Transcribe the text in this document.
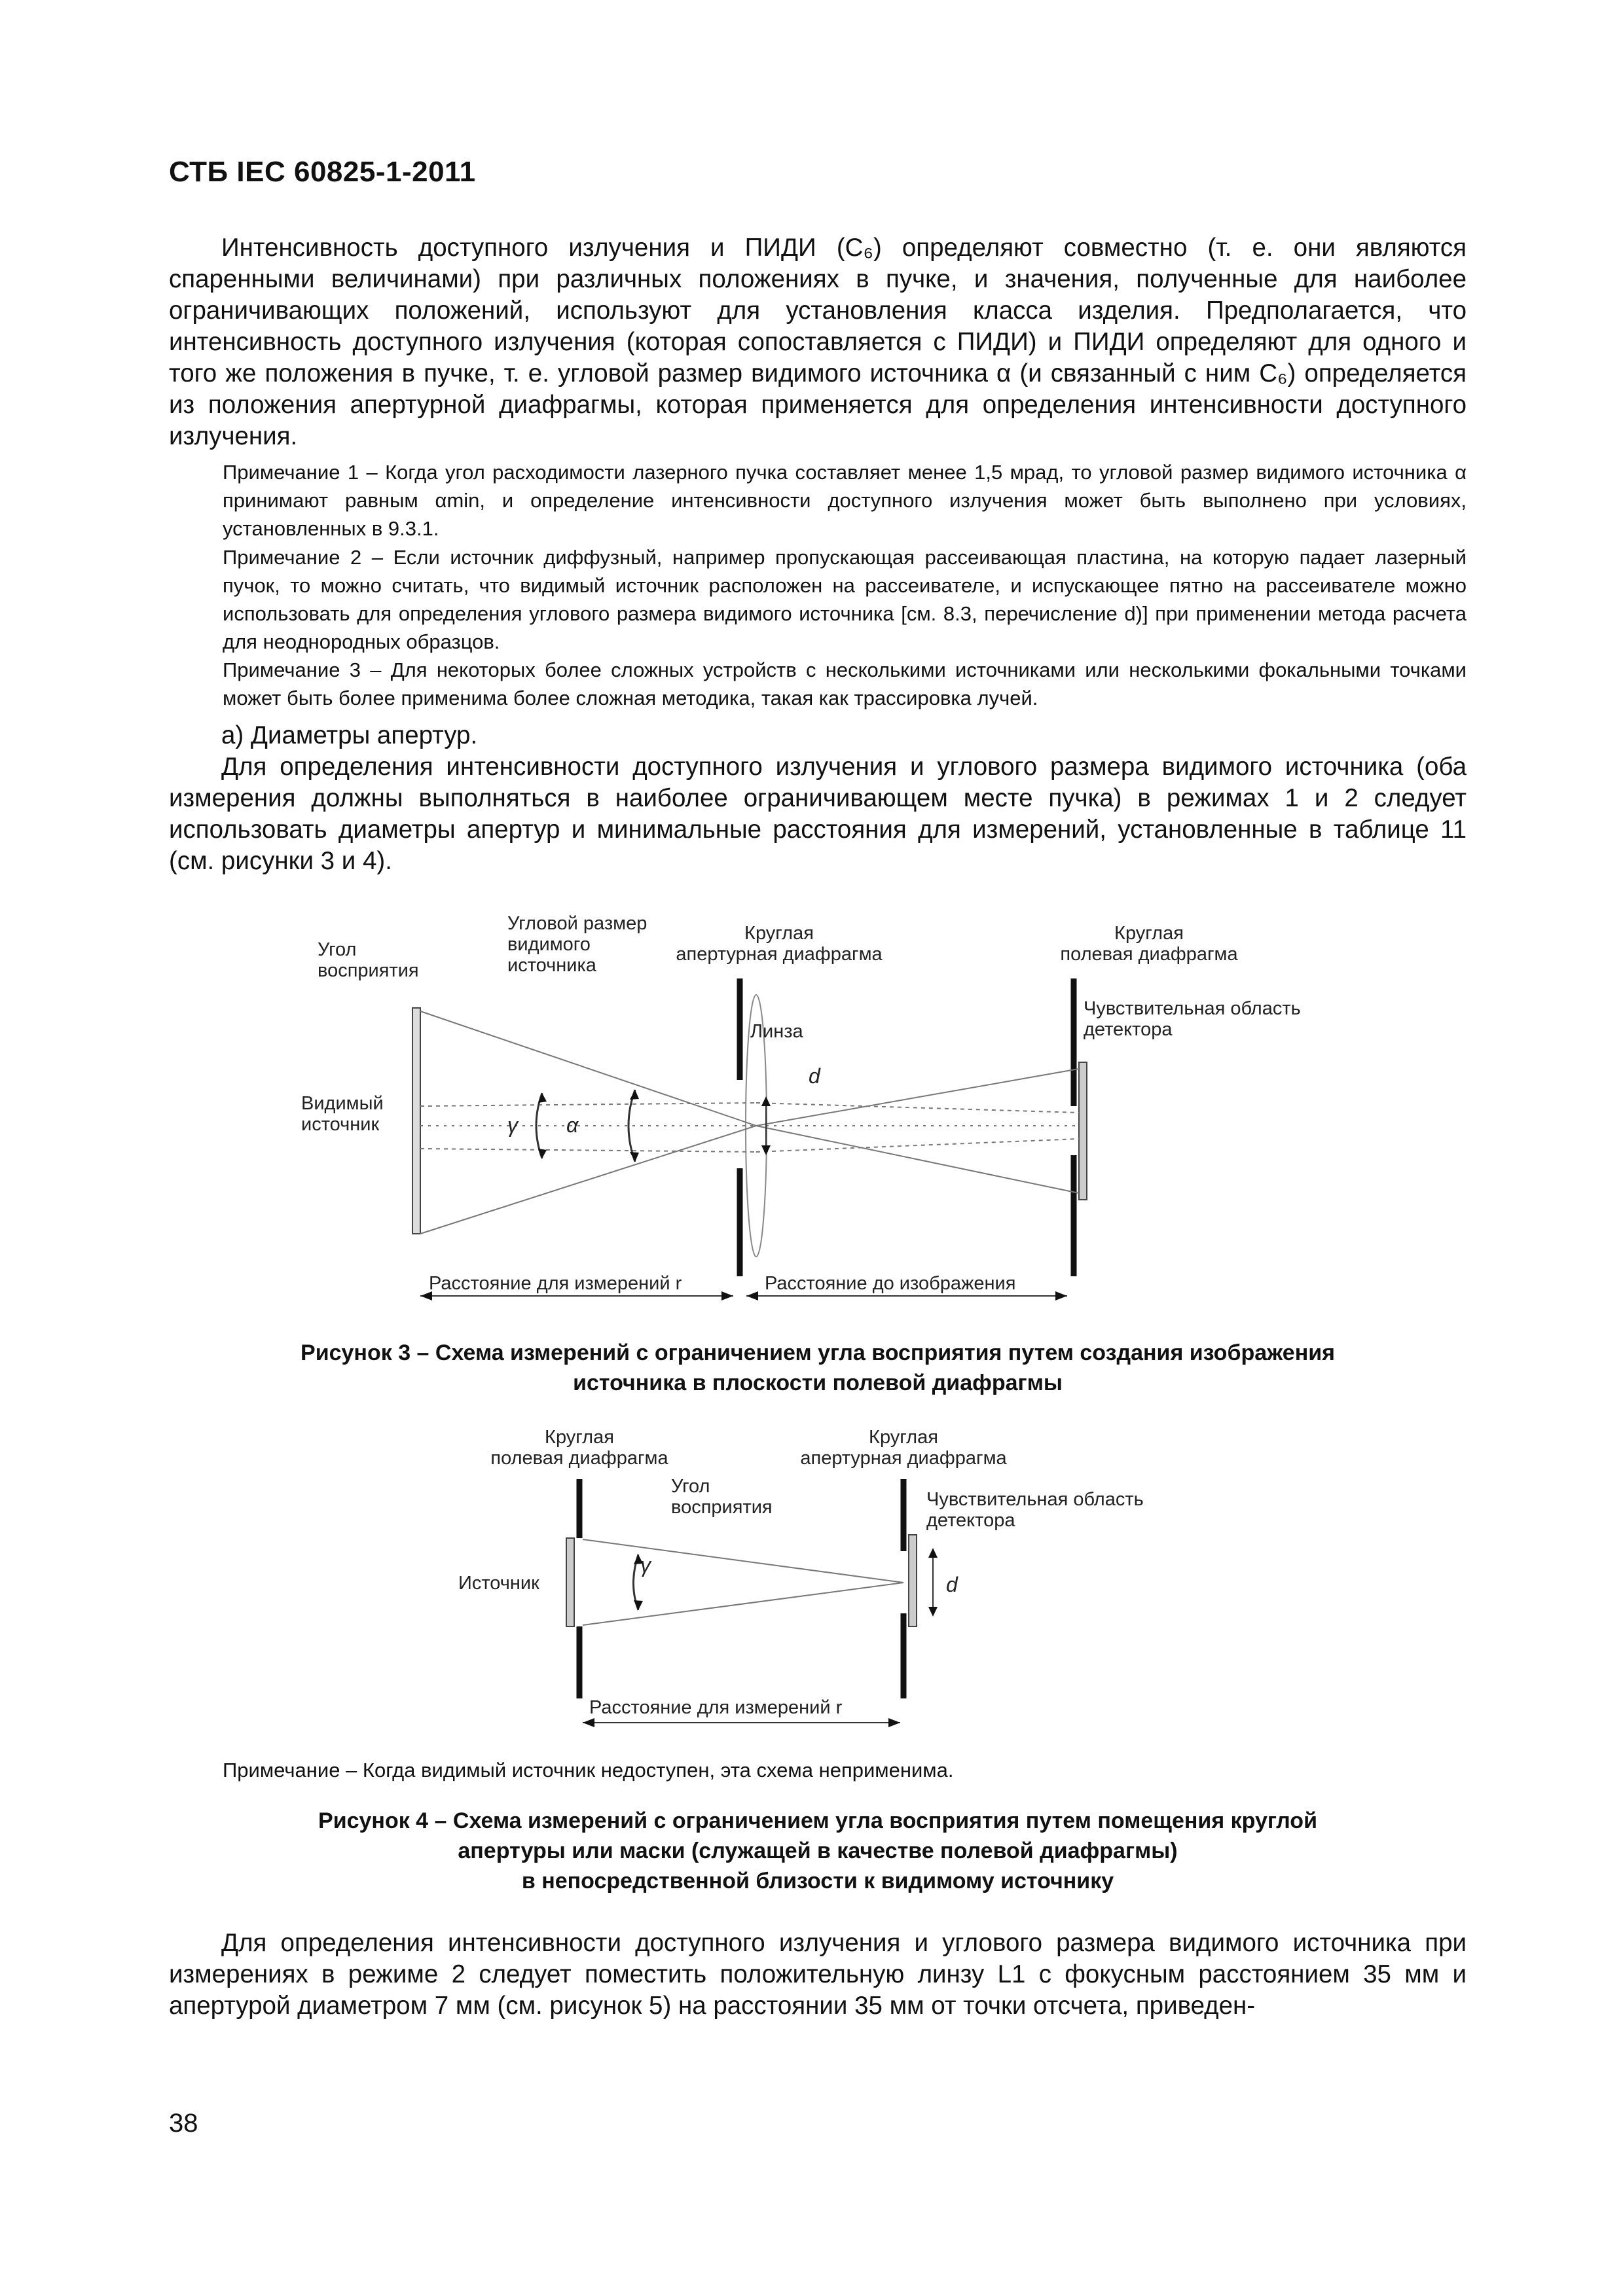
СТБ IEC 60825-1-2011

Интенсивность доступного излучения и ПИДИ (C₆) определяют совместно (т. е. они являются спаренными величинами) при различных положениях в пучке, и значения, полученные для наиболее ограничивающих положений, используют для установления класса изделия. Предполагается, что интенсивность доступного излучения (которая сопоставляется с ПИДИ) и ПИДИ определяют для одного и того же положения в пучке, т. е. угловой размер видимого источника α (и связанный с ним C₆) определяется из положения апертурной диафрагмы, которая применяется для определения интенсивности доступного излучения.

Примечание 1 – Когда угол расходимости лазерного пучка составляет менее 1,5 мрад, то угловой размер видимого источника α принимают равным αmin, и определение интенсивности доступного излучения может быть выполнено при условиях, установленных в 9.3.1.

Примечание 2 – Если источник диффузный, например пропускающая рассеивающая пластина, на которую падает лазерный пучок, то можно считать, что видимый источник расположен на рассеивателе, и испускающее пятно на рассеивателе можно использовать для определения углового размера видимого источника [см. 8.3, перечисление d)] при применении метода расчета для неоднородных образцов.

Примечание 3 – Для некоторых более сложных устройств с несколькими источниками или несколькими фокальными точками может быть более применима более сложная методика, такая как трассировка лучей.

а) Диаметры апертур.

Для определения интенсивности доступного излучения и углового размера видимого источника (оба измерения должны выполняться в наиболее ограничивающем месте пучка) в режимах 1 и 2 следует использовать диаметры апертур и минимальные расстояния для измерений, установленные в таблице 11 (см. рисунки 3 и 4).

Угол
восприятия
Угловой размер
видимого
источника
Круглая
апертурная диафрагма
Круглая
полевая диафрагма
Линза
Чувствительная область
детектора
Видимый
источник	γ α
d
Расстояние для измерений r	Расстояние до изображения
Рисунок 3 – Схема измерений с ограничением угла восприятия путем создания изображения
источника в плоскости полевой диафрагмы
Круглая
полевая диафрагма
Круглая
апертурная диафрагма
Угол
восприятия	Чувствительная область
детектора
Источник
γ
d
Расстояние для измерений r
Примечание – Когда видимый источник недоступен, эта схема неприменима.
Рисунок 4 – Схема измерений с ограничением угла восприятия путем помещения круглой
апертуры или маски (служащей в качестве полевой диафрагмы)
в непосредственной близости к видимому источнику

Для определения интенсивности доступного излучения и углового размера видимого источника при измерениях в режиме 2 следует поместить положительную линзу L1 с фокусным расстоянием 35 мм и апертурой диаметром 7 мм (см. рисунок 5) на расстоянии 35 мм от точки отсчета, приведен-

38
